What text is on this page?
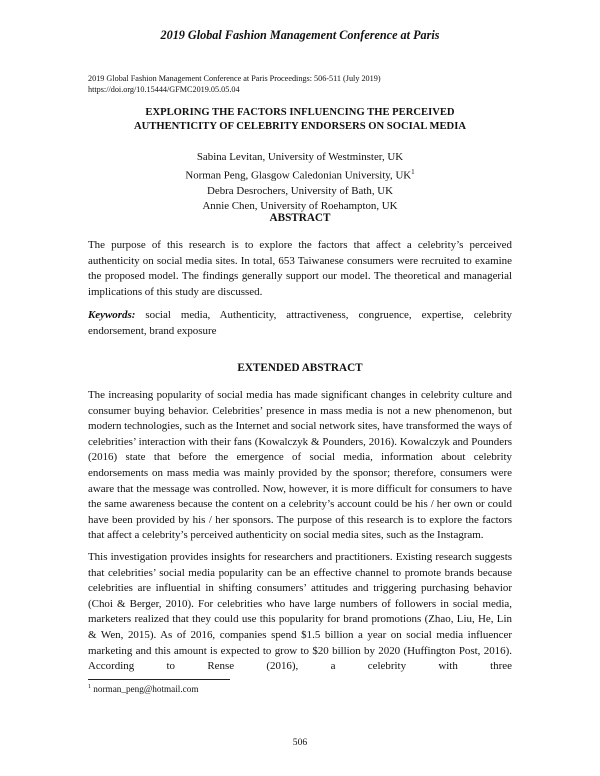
2019 Global Fashion Management Conference at Paris
2019 Global Fashion Management Conference at Paris Proceedings: 506-511 (July 2019)
https://doi.org/10.15444/GFMC2019.05.05.04
EXPLORING THE FACTORS INFLUENCING THE PERCEIVED
AUTHENTICITY OF CELEBRITY ENDORSERS ON SOCIAL MEDIA
Sabina Levitan, University of Westminster, UK
Norman Peng, Glasgow Caledonian University, $UK^1$
Debra Desrochers, University of Bath, UK
Annie Chen, University of Roehampton, UK
ABSTRACT
The purpose of this research is to explore the factors that affect a celebrity’s perceived authenticity on social media sites. In total, 653 Taiwanese consumers were recruited to examine the proposed model. The findings generally support our model. The theoretical and managerial implications of this study are discussed.
Keywords: social media, Authenticity, attractiveness, congruence, expertise, celebrity endorsement, brand exposure
EXTENDED ABSTRACT
The increasing popularity of social media has made significant changes in celebrity culture and consumer buying behavior. Celebrities’ presence in mass media is not a new phenomenon, but modern technologies, such as the Internet and social network sites, have transformed the ways of celebrities’ interaction with their fans (Kowalczyk & Pounders, 2016). Kowalczyk and Pounders (2016) state that before the emergence of social media, information about celebrity endorsements on mass media was mainly provided by the sponsor; therefore, consumers were aware that the message was controlled. Now, however, it is more difficult for consumers to have the same awareness because the content on a celebrity’s account could be his / her own or could have been provided by his / her sponsors. The purpose of this research is to explore the factors that affect a celebrity’s perceived authenticity on social media sites, such as the Instagram.
This investigation provides insights for researchers and practitioners. Existing research suggests that celebrities’ social media popularity can be an effective channel to promote brands because celebrities are influential in shifting consumers’ attitudes and triggering purchasing behavior (Choi & Berger, 2010). For celebrities who have large numbers of followers in social media, marketers realized that they could use this popularity for brand promotions (Zhao, Liu, He, Lin & Wen, 2015). As of 2016, companies spend $1.5 billion a year on social media influencer marketing and this amount is expected to grow to $20 billion by 2020 (Huffington Post, 2016). According to Rense (2016), a celebrity with three
$^1$ norman_peng@hotmail.com
506
